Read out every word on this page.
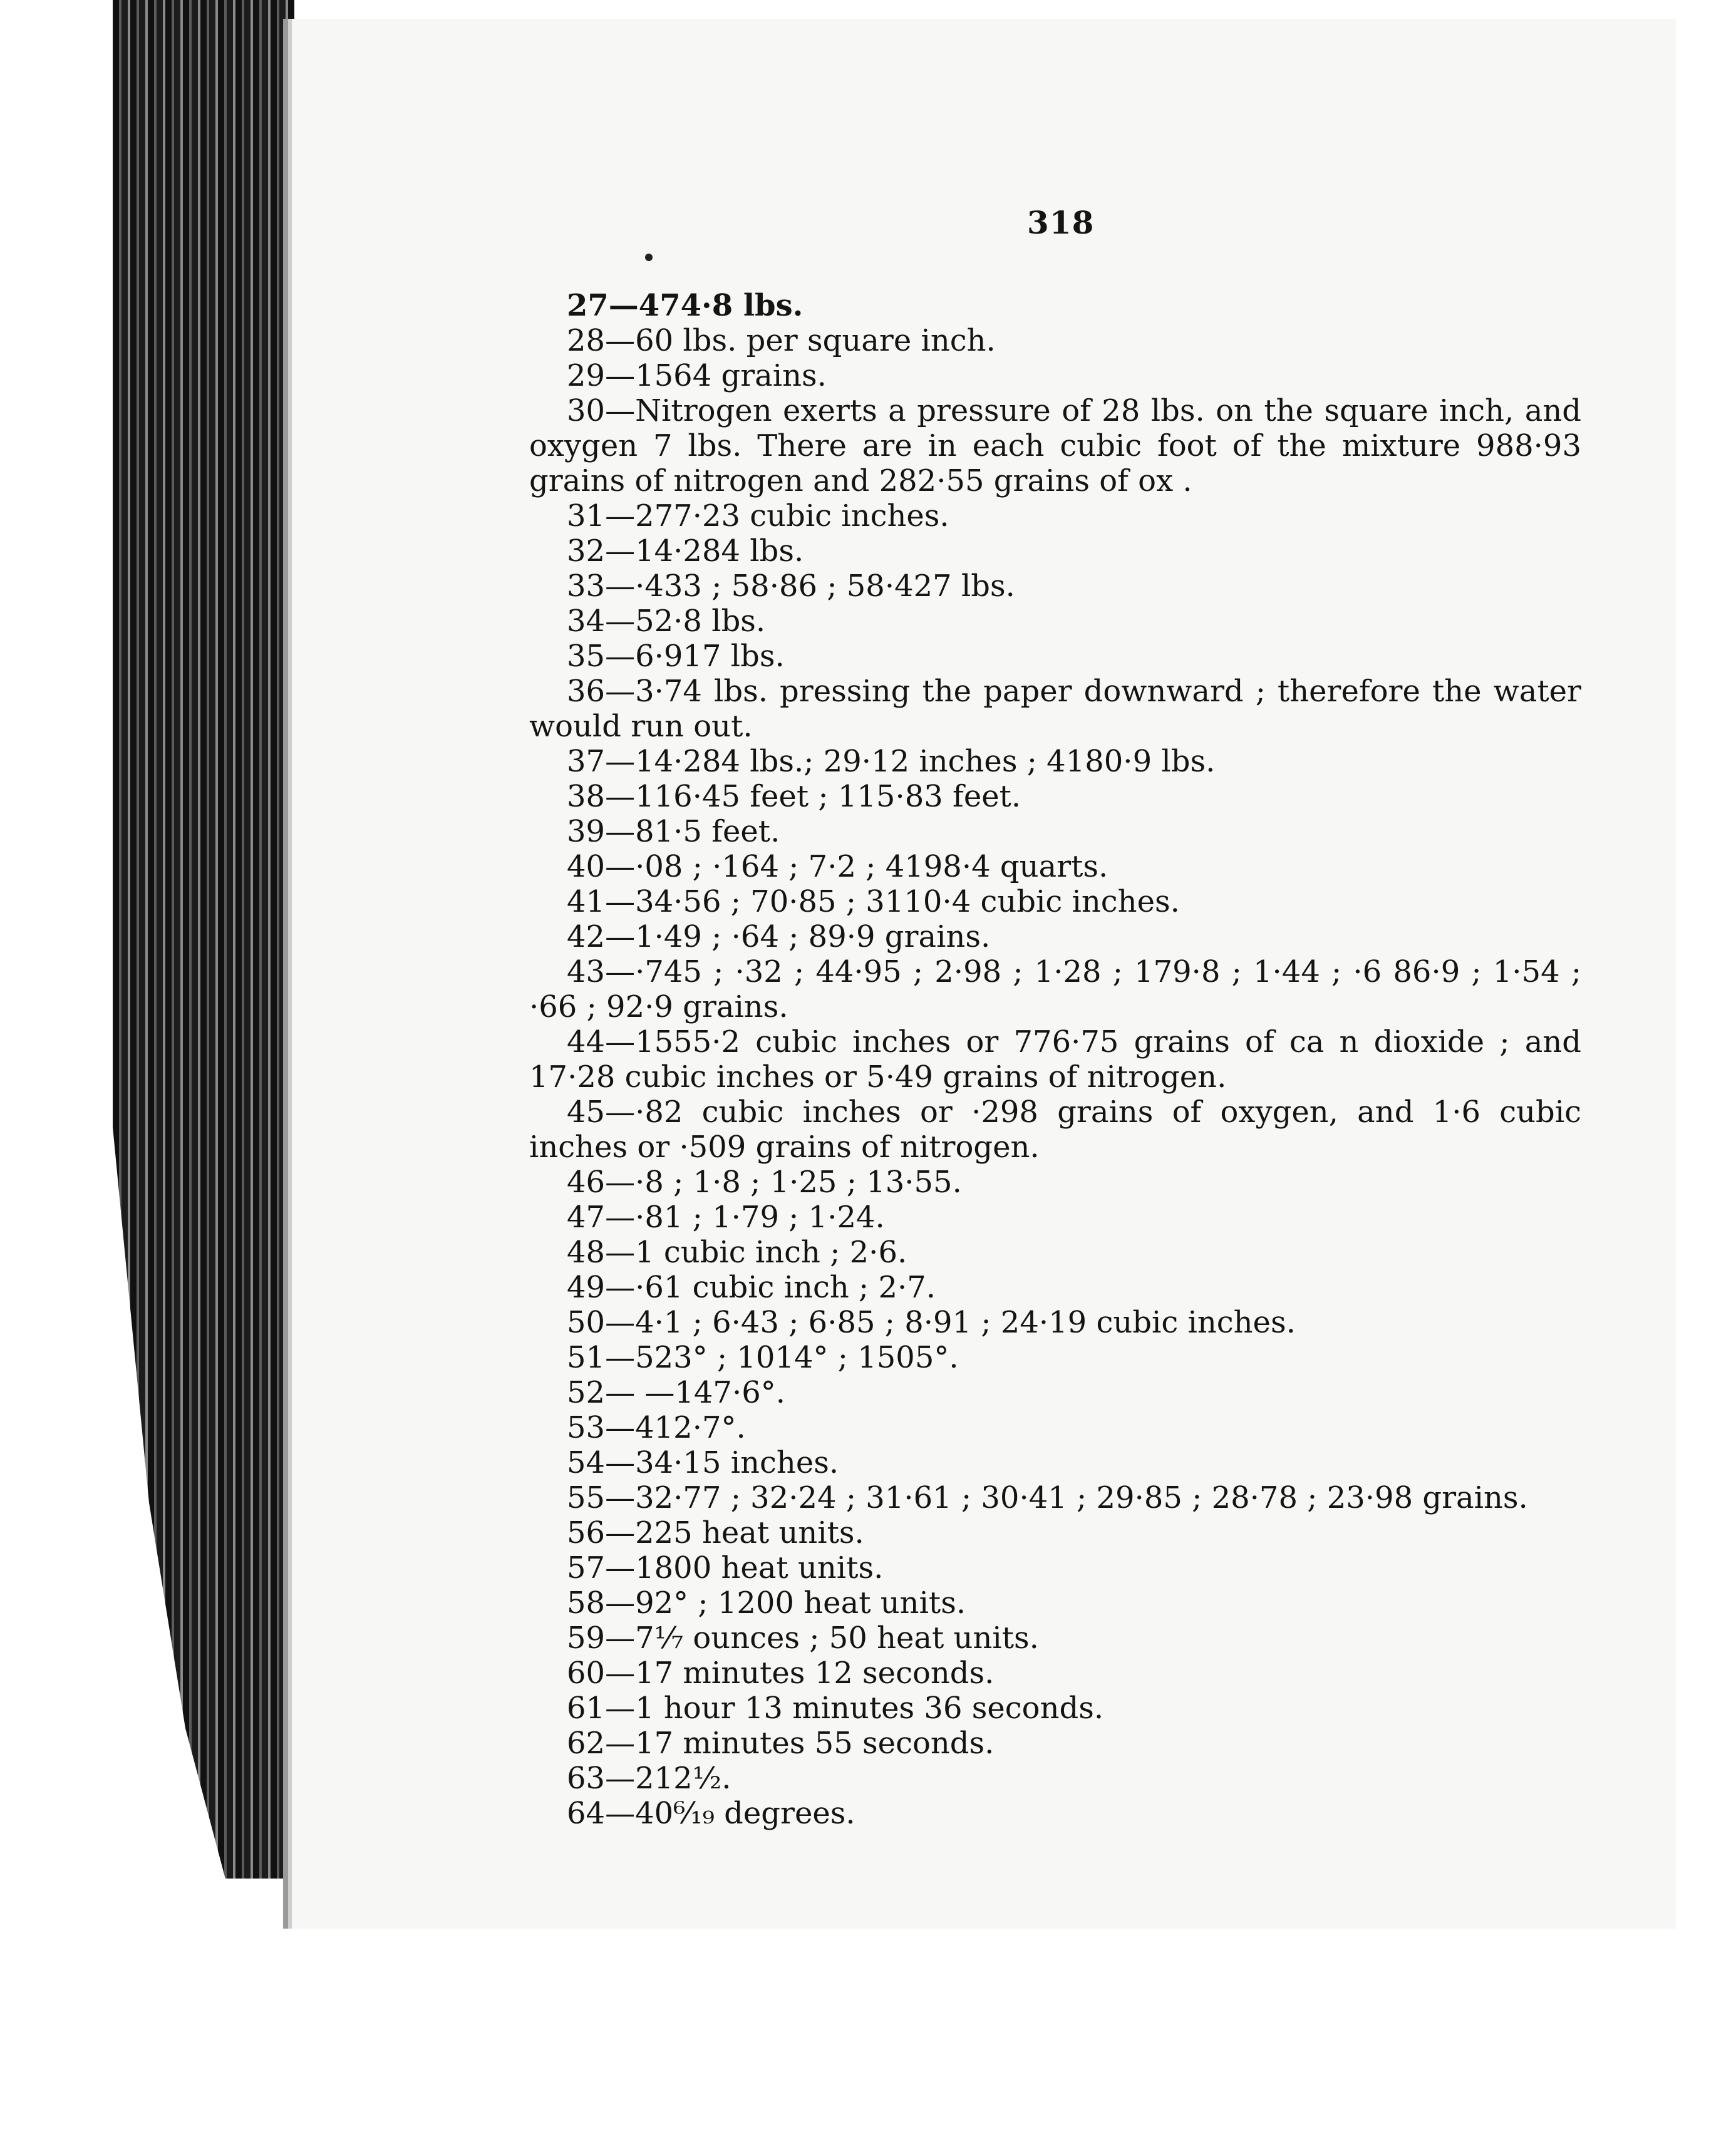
318
27—474·8 lbs.
28—60 lbs. per square inch.
29—1564 grains.
30—Nitrogen exerts a pressure of 28 lbs. on the square inch, and oxygen 7 lbs. There are in each cubic foot of the mixture 988·93 grains of nitrogen and 282·55 grains of ox .
31—277·23 cubic inches.
32—14·284 lbs.
33—·433 ; 58·86 ; 58·427 lbs.
34—52·8 lbs.
35—6·917 lbs.
36—3·74 lbs. pressing the paper downward ; therefore the water would run out.
37—14·284 lbs.; 29·12 inches ; 4180·9 lbs.
38—116·45 feet ; 115·83 feet.
39—81·5 feet.
40—·08 ; ·164 ; 7·2 ; 4198·4 quarts.
41—34·56 ; 70·85 ; 3110·4 cubic inches.
42—1·49 ; ·64 ; 89·9 grains.
43—·745 ; ·32 ; 44·95 ; 2·98 ; 1·28 ; 179·8 ; 1·44 ; ·6 86·9 ; 1·54 ; ·66 ; 92·9 grains.
44—1555·2 cubic inches or 776·75 grains of ca n dioxide ; and 17·28 cubic inches or 5·49 grains of nitrogen.
45—·82 cubic inches or ·298 grains of oxygen, and 1·6 cubic inches or ·509 grains of nitrogen.
46—·8 ; 1·8 ; 1·25 ; 13·55.
47—·81 ; 1·79 ; 1·24.
48—1 cubic inch ; 2·6.
49—·61 cubic inch ; 2·7.
50—4·1 ; 6·43 ; 6·85 ; 8·91 ; 24·19 cubic inches.
51—523° ; 1014° ; 1505°.
52— —147·6°.
53—412·7°.
54—34·15 inches.
55—32·77 ; 32·24 ; 31·61 ; 30·41 ; 29·85 ; 28·78 ; 23·98 grains.
56—225 heat units.
57—1800 heat units.
58—92° ; 1200 heat units.
59—7⅐ ounces ; 50 heat units.
60—17 minutes 12 seconds.
61—1 hour 13 minutes 36 seconds.
62—17 minutes 55 seconds.
63—212½.
64—40⁶⁄₁₉ degrees.
